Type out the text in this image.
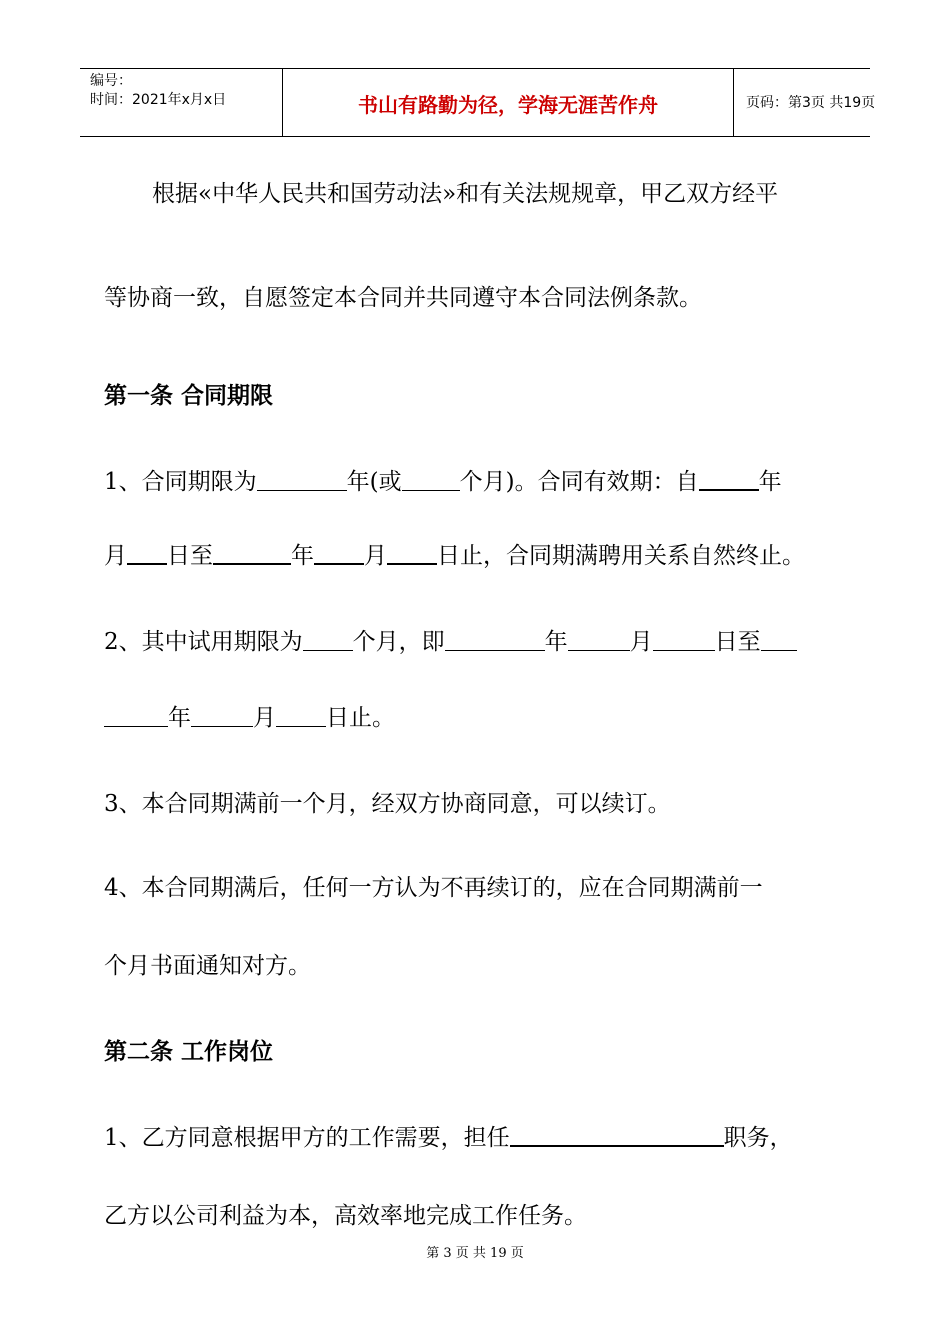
编号：
时间：2021年x月x日	书山有路勤为径，学海无涯苦作舟	页码：第3页 共19页
根据«中华人民共和国劳动法»和有关法规规章，甲乙双方经平
等协商一致，自愿签定本合同并共同遵守本合同法例条款。
第一条 合同期限
1、合同期限为	年(或	个月)。合同有效期：自	年
月 日至	年 月 日止，合同期满聘用关系自然终止。
2、其中试用期限为 个月，即	年	月	日至
年	月 日止。
3、本合同期满前一个月，经双方协商同意，可以续订。
4、本合同期满后，任何一方认为不再续订的，应在合同期满前一
个月书面通知对方。
第二条 工作岗位
1、乙方同意根据甲方的工作需要，担任	职务，
乙方以公司利益为本，高效率地完成工作任务。
第 3 页 共 19 页
